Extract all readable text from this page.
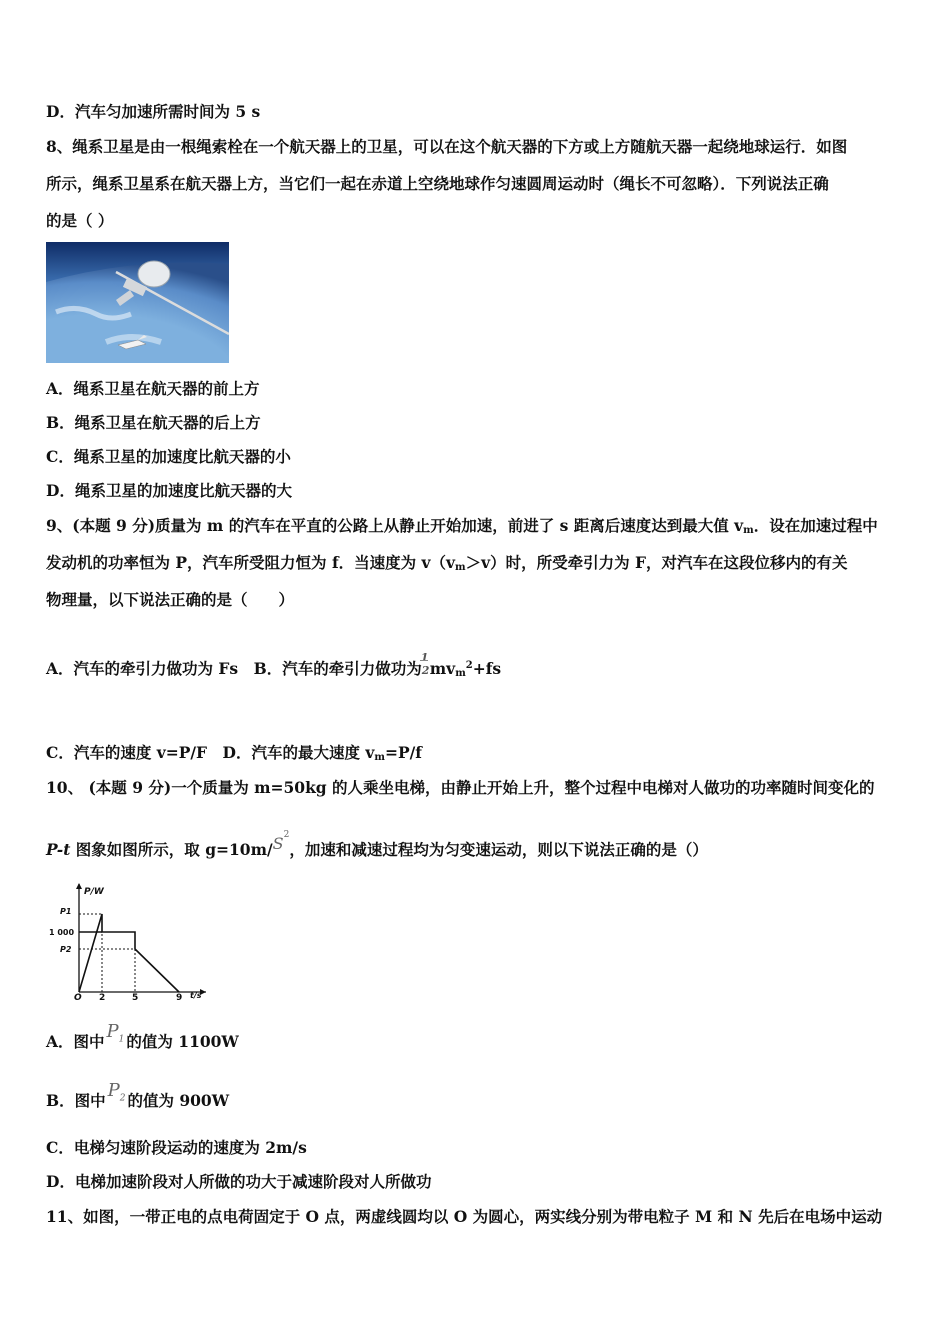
D．汽车匀加速所需时间为 5 s
8、绳系卫星是由一根绳索栓在一个航天器上的卫星，可以在这个航天器的下方或上方随航天器一起绕地球运行．如图
所示，绳系卫星系在航天器上方，当它们一起在赤道上空绕地球作匀速圆周运动时（绳长不可忽略）．下列说法正确
的是（ ）
A．绳系卫星在航天器的前上方
B．绳系卫星在航天器的后上方
C．绳系卫星的加速度比航天器的小
D．绳系卫星的加速度比航天器的大
9、(本题 9 分)质量为 m 的汽车在平直的公路上从静止开始加速，前进了 s 距离后速度达到最大值 $v_m$．设在加速过程中
发动机的功率恒为 P，汽车所受阻力恒为 f．当速度为 $v(v_m>v)$时，所受牵引力为 F，对汽车在这段位移内的有关
物理量，以下说法正确的是（　　）
A．汽车的牵引力做功为 Fs　B．汽车的牵引力做功为
1
2 $mv_m^2+fs$
C．汽车的速度 v=P/F　D．汽车的最大速度 $v_m=P/f$
10、 (本题 9 分)一个质量为 m=50kg 的人乘坐电梯，由静止开始上升，整个过程中电梯对人做功的功率随时间变化的
P-t 图象如图所示，取 $g=10m/S^2$，加速和减速过程均为匀变速运动，则以下说法正确的是（）
P/W
P1
1 000
P2
O 2	5	9 t/s
A．图中 $P_1$ 的值为 1100W
B．图中 $P_2$ 的值为 900W
C．电梯匀速阶段运动的速度为 2m/s
D．电梯加速阶段对人所做的功大于减速阶段对人所做功
11、如图，一带正电的点电荷固定于 O 点，两虚线圆均以 O 为圆心，两实线分别为带电粒子 M 和 N 先后在电场中运动
